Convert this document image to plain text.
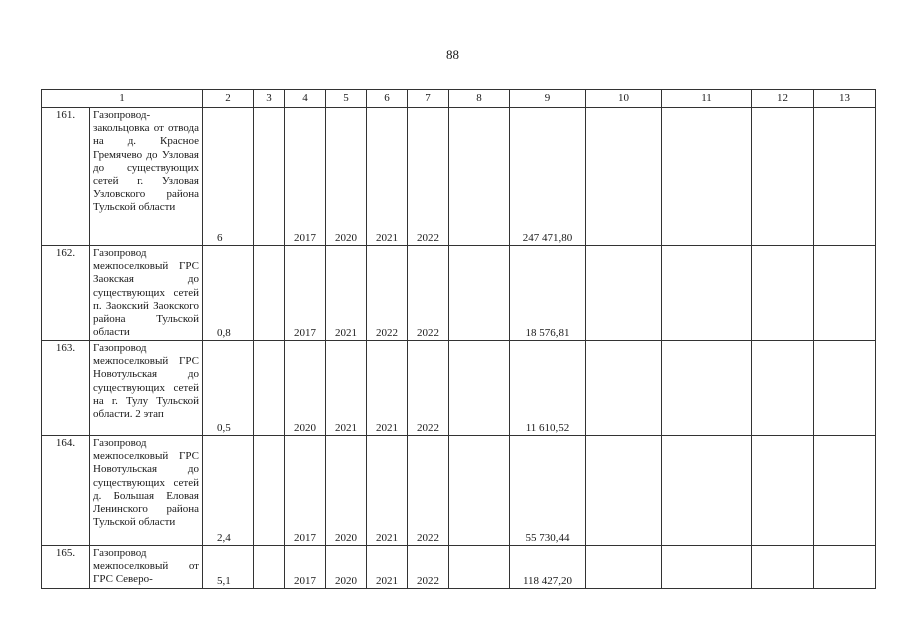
88
1		2	3	4	5	6	7	8	9	10	11	12	13
161.	Газопровод-закольцовка от отвода на д. Красное Гремячево до Узловая до существующих сетей г. Узловая Узловского района Тульской области	6		2017	2020	2021	2022		247 471,80				
162.	Газопровод межпоселковый ГРС Заокская до существующих сетей п. Заокский Заокского района Тульской области	0,8		2017	2021	2022	2022		18 576,81				
163.	Газопровод межпоселковый ГРС Новотульская до существующих сетей на г. Тулу Тульской области. 2 этап	0,5		2020	2021	2021	2022		11 610,52				
164.	Газопровод межпоселковый ГРС Новотульская до существующих сетей д. Большая Еловая Ленинского района Тульской области	2,4		2017	2020	2021	2022		55 730,44				
165.	Газопровод межпоселковый от ГРС Северо-	5,1		2017	2020	2021	2022		118 427,20				
